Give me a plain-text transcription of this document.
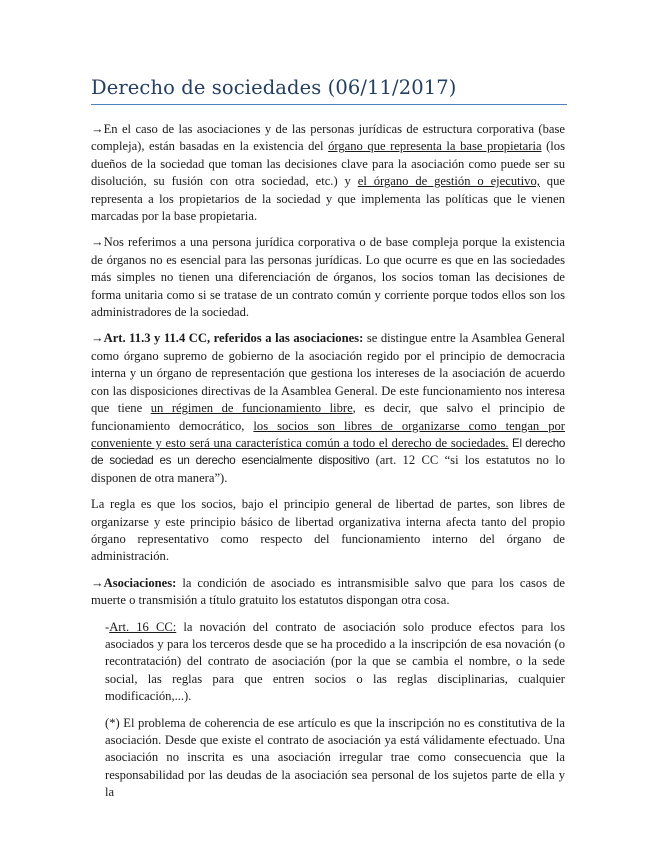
Derecho de sociedades (06/11/2017)

→En el caso de las asociaciones y de las personas jurídicas de estructura corporativa (base compleja), están basadas en la existencia del órgano que representa la base propietaria (los dueños de la sociedad que toman las decisiones clave para la asociación como puede ser su disolución, su fusión con otra sociedad, etc.) y el órgano de gestión o ejecutivo, que representa a los propietarios de la sociedad y que implementa las políticas que le vienen marcadas por la base propietaria.

→Nos referimos a una persona jurídica corporativa o de base compleja porque la existencia de órganos no es esencial para las personas jurídicas. Lo que ocurre es que en las sociedades más simples no tienen una diferenciación de órganos, los socios toman las decisiones de forma unitaria como si se tratase de un contrato común y corriente porque todos ellos son los administradores de la sociedad.

→Art. 11.3 y 11.4 CC, referidos a las asociaciones: se distingue entre la Asamblea General como órgano supremo de gobierno de la asociación regido por el principio de democracia interna y un órgano de representación que gestiona los intereses de la asociación de acuerdo con las disposiciones directivas de la Asamblea General. De este funcionamiento nos interesa que tiene un régimen de funcionamiento libre, es decir, que salvo el principio de funcionamiento democrático, los socios son libres de organizarse como tengan por conveniente y esto será una característica común a todo el derecho de sociedades. El derecho de sociedad es un derecho esencialmente dispositivo (art. 12 CC “si los estatutos no lo disponen de otra manera”).

La regla es que los socios, bajo el principio general de libertad de partes, son libres de organizarse y este principio básico de libertad organizativa interna afecta tanto del propio órgano representativo como respecto del funcionamiento interno del órgano de administración.

→Asociaciones: la condición de asociado es intransmisible salvo que para los casos de muerte o transmisión a título gratuito los estatutos dispongan otra cosa.

-Art. 16 CC: la novación del contrato de asociación solo produce efectos para los asociados y para los terceros desde que se ha procedido a la inscripción de esa novación (o recontratación) del contrato de asociación (por la que se cambia el nombre, o la sede social, las reglas para que entren socios o las reglas disciplinarias, cualquier modificación,...).

(*) El problema de coherencia de ese artículo es que la inscripción no es constitutiva de la asociación. Desde que existe el contrato de asociación ya está válidamente efectuado. Una asociación no inscrita es una asociación irregular trae como consecuencia que la responsabilidad por las deudas de la asociación sea personal de los sujetos parte de ella y la
